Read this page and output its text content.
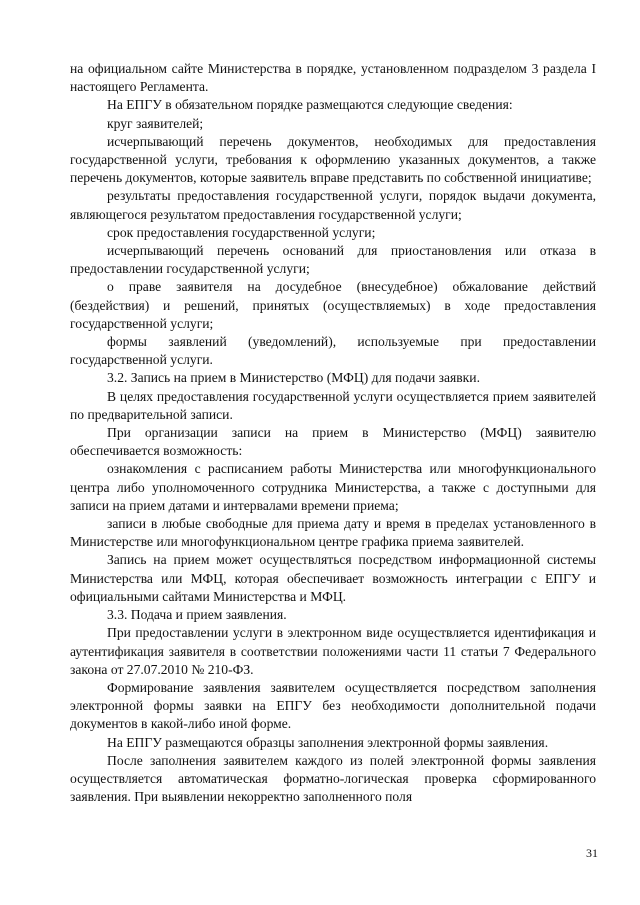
на официальном сайте Министерства в порядке, установленном подразделом 3 раздела I настоящего Регламента.

На ЕПГУ в обязательном порядке размещаются следующие сведения:

круг заявителей;

исчерпывающий перечень документов, необходимых для предоставления государственной услуги, требования к оформлению указанных документов, а также перечень документов, которые заявитель вправе представить по собственной инициативе;

результаты предоставления государственной услуги, порядок выдачи документа, являющегося результатом предоставления государственной услуги;

срок предоставления государственной услуги;

исчерпывающий перечень оснований для приостановления или отказа в предоставлении государственной услуги;

о праве заявителя на досудебное (внесудебное) обжалование действий (бездействия) и решений, принятых (осуществляемых) в ходе предоставления государственной услуги;

формы заявлений (уведомлений), используемые при предоставлении государственной услуги.

3.2. Запись на прием в Министерство (МФЦ) для подачи заявки.

В целях предоставления государственной услуги осуществляется прием заявителей по предварительной записи.

При организации записи на прием в Министерство (МФЦ) заявителю обеспечивается возможность:

ознакомления с расписанием работы Министерства или многофункционального центра либо уполномоченного сотрудника Министерства, а также с доступными для записи на прием датами и интервалами времени приема;

записи в любые свободные для приема дату и время в пределах установленного в Министерстве или многофункциональном центре графика приема заявителей.

Запись на прием может осуществляться посредством информационной системы Министерства или МФЦ, которая обеспечивает возможность интеграции с ЕПГУ и официальными сайтами Министерства и МФЦ.

3.3. Подача и прием заявления.

При предоставлении услуги в электронном виде осуществляется идентификация и аутентификация заявителя в соответствии положениями части 11 статьи 7 Федерального закона от 27.07.2010 № 210-ФЗ.

Формирование заявления заявителем осуществляется посредством заполнения электронной формы заявки на ЕПГУ без необходимости дополнительной подачи документов в какой-либо иной форме.

На ЕПГУ размещаются образцы заполнения электронной формы заявления.

После заполнения заявителем каждого из полей электронной формы заявления осуществляется автоматическая форматно-логическая проверка сформированного заявления. При выявлении некорректно заполненного поля

31
